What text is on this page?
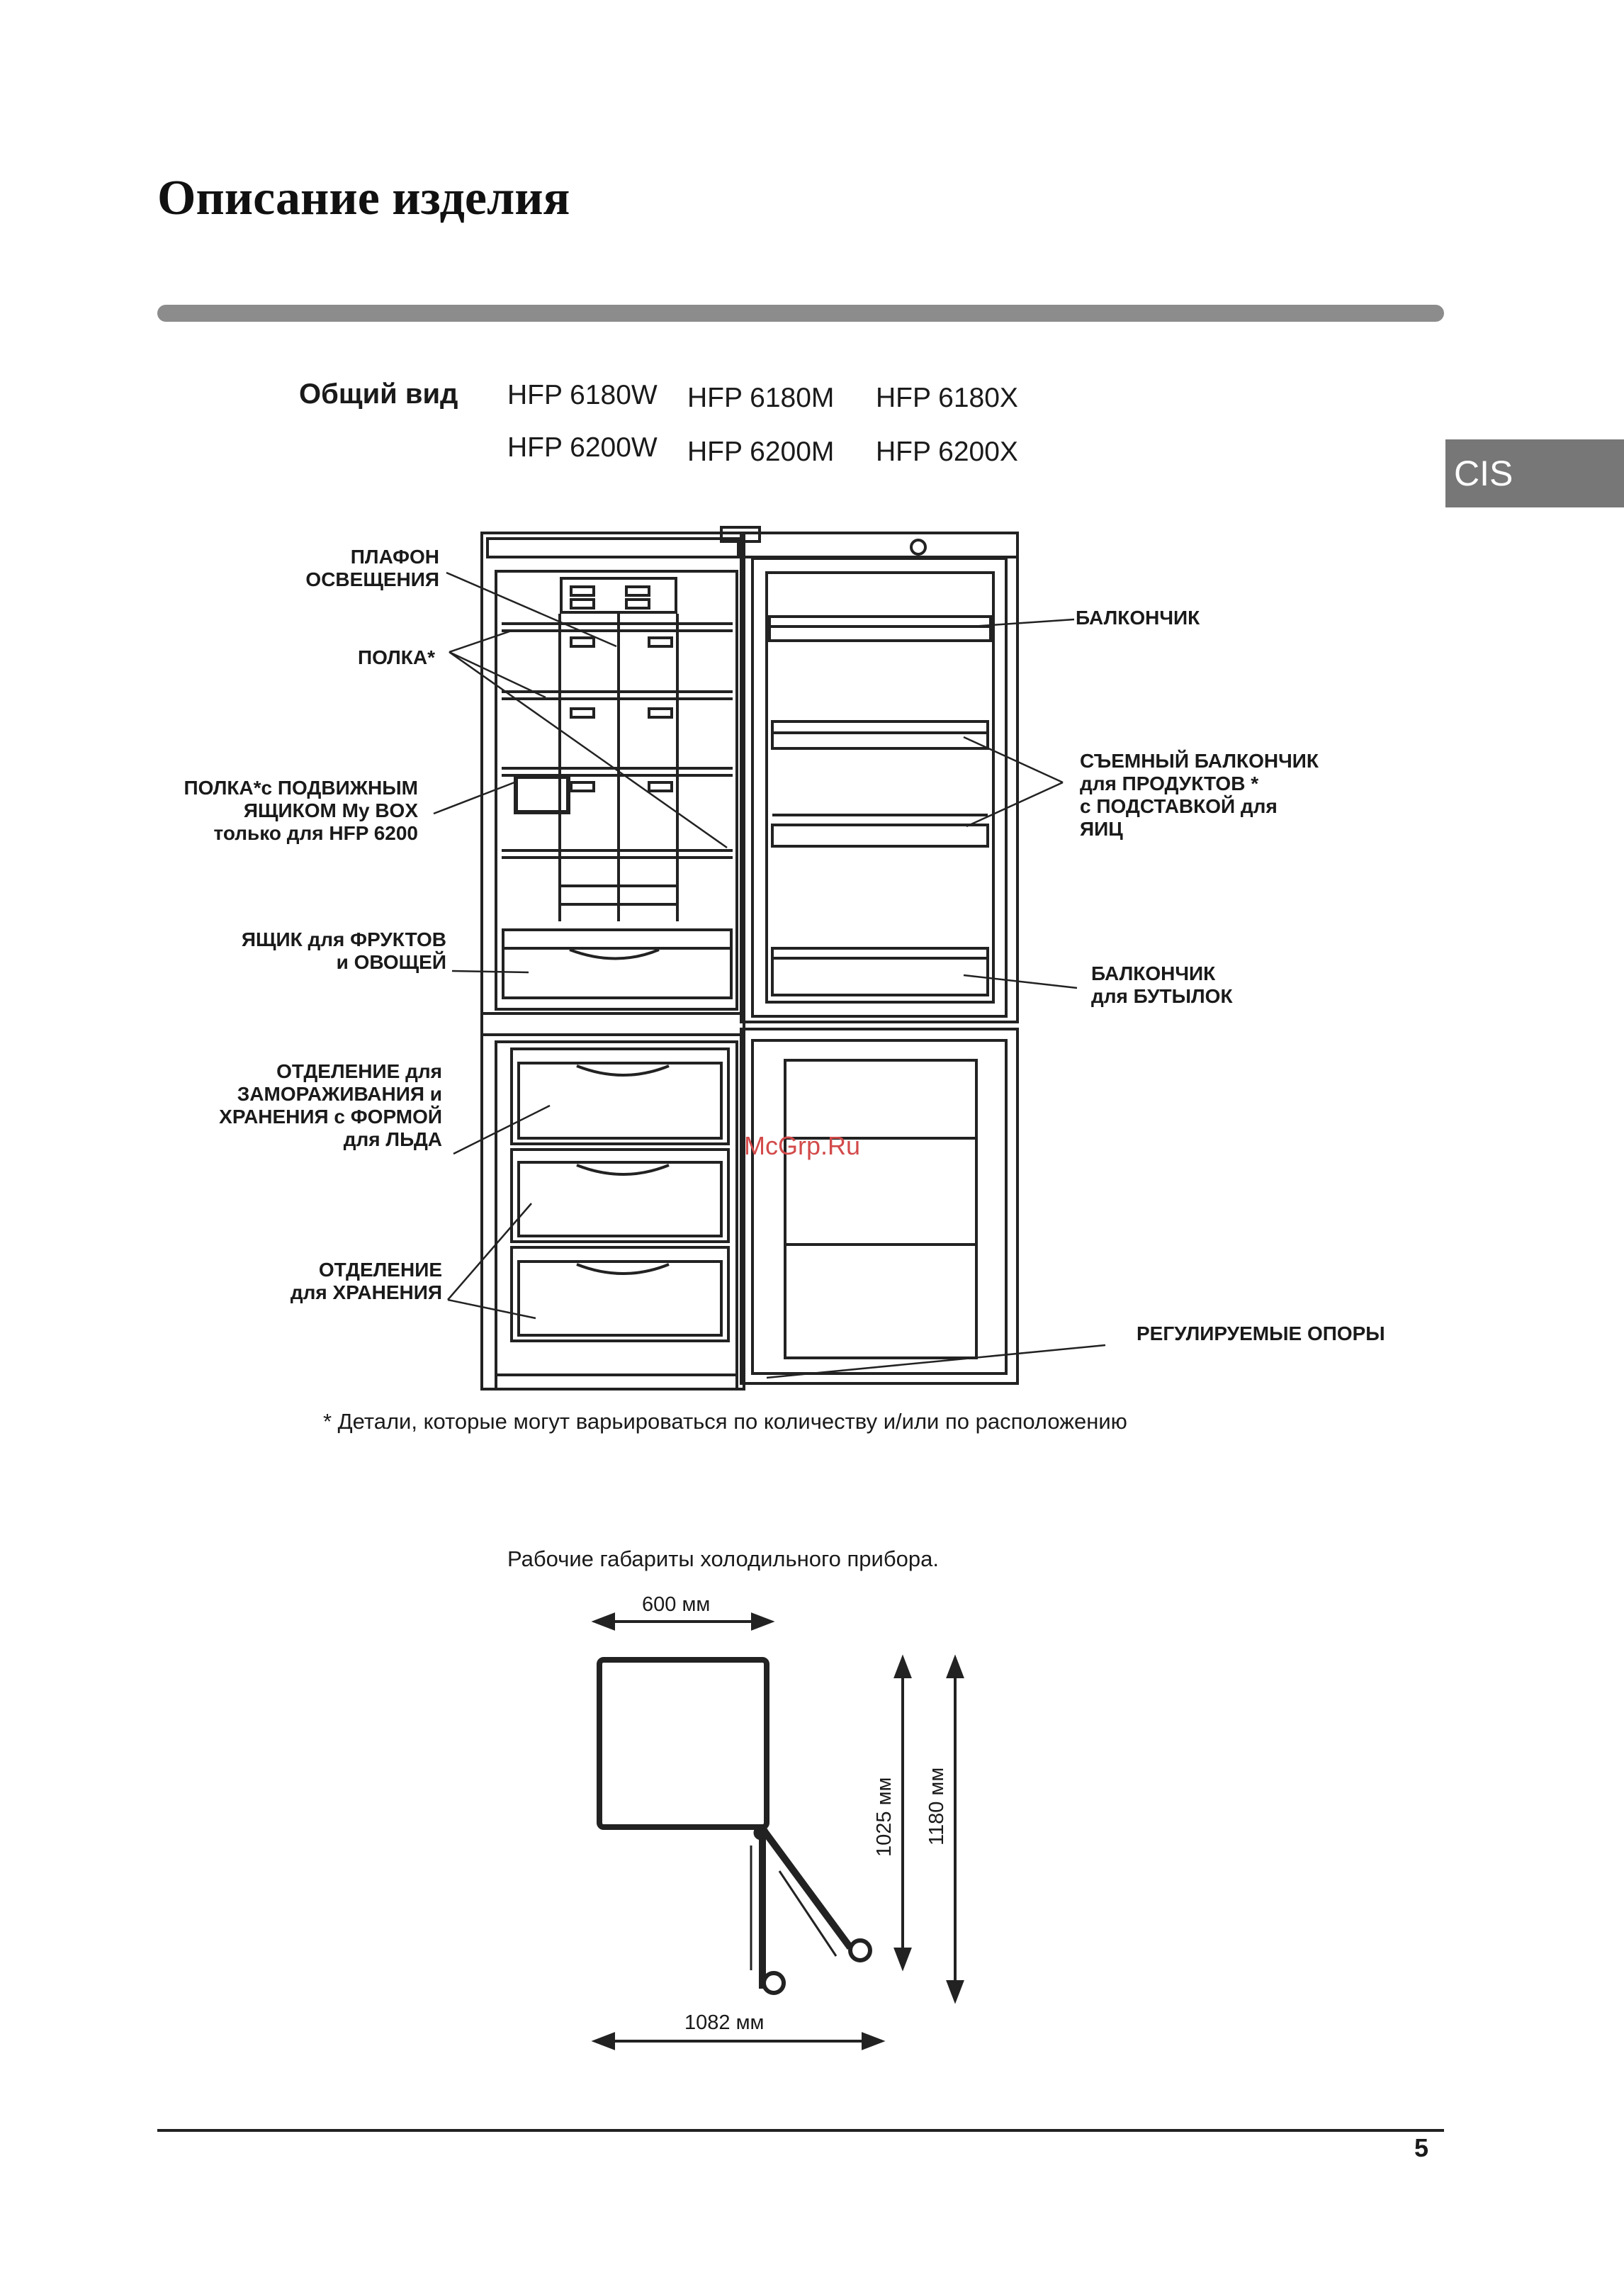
Описание изделия
CIS
Общий вид HFP 6180W HFP 6180M HFP 6180X
HFP 6200W HFP 6200M HFP 6200X
ПЛАФОН
ОСВЕЩЕНИЯ
ПОЛКА*
ПОЛКА*с ПОДВИЖНЫМ
ЯЩИКОМ My BOX
только для HFP 6200
ЯЩИК для ФРУКТОВ
и ОВОЩЕЙ
ОТДЕЛЕНИЕ для
ЗАМОРАЖИВАНИЯ и
ХРАНЕНИЯ с ФОРМОЙ
для ЛЬДА
ОТДЕЛЕНИЕ
для ХРАНЕНИЯ
БАЛКОНЧИК
СЪЕМНЫЙ БАЛКОНЧИК
для ПРОДУКТОВ *
с ПОДСТАВКОЙ для
ЯИЦ
БАЛКОНЧИК
для БУТЫЛОК
РЕГУЛИРУЕМЫЕ ОПОРЫ
McGrp.Ru
* Детали, которые могут варьироваться по количеству и/или по расположению
Рабочие габариты холодильного прибора.
600 мм
1082 мм
1025 мм 1180 мм
5
